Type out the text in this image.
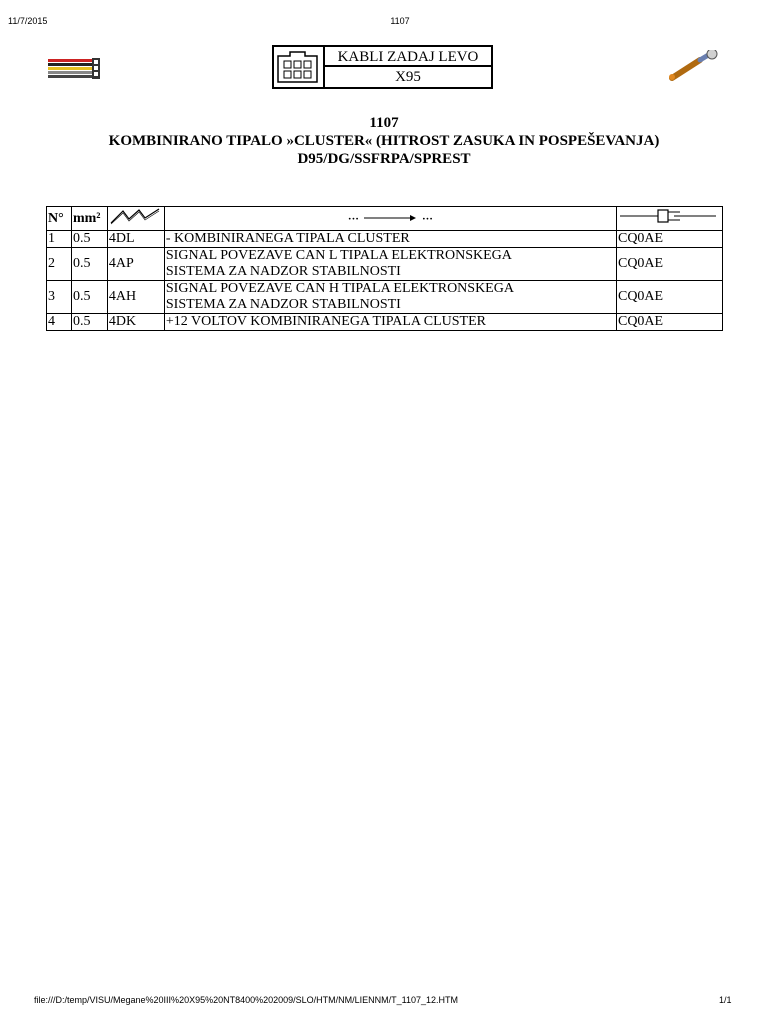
11/7/2015	1107
KABLI ZADAJ LEVO
X95
1107
KOMBINIRANO TIPALO »CLUSTER« (HITROST ZASUKA IN POSPEŠEVANJA)
D95/DG/SSFRPA/SPREST
N°	mm²		··· ···	
1	0.5	4DL	- KOMBINIRANEGA TIPALA CLUSTER	CQ0AE
2	0.5	4AP	SIGNAL POVEZAVE CAN L TIPALA ELEKTRONSKEGA
SISTEMA ZA NADZOR STABILNOSTI	CQ0AE
3	0.5	4AH	SIGNAL POVEZAVE CAN H TIPALA ELEKTRONSKEGA
SISTEMA ZA NADZOR STABILNOSTI	CQ0AE
4	0.5	4DK	+12 VOLTOV KOMBINIRANEGA TIPALA CLUSTER	CQ0AE
file:///D:/temp/VISU/Megane%20III%20X95%20NT8400%202009/SLO/HTM/NM/LIENNM/T_1107_12.HTM	1/1
